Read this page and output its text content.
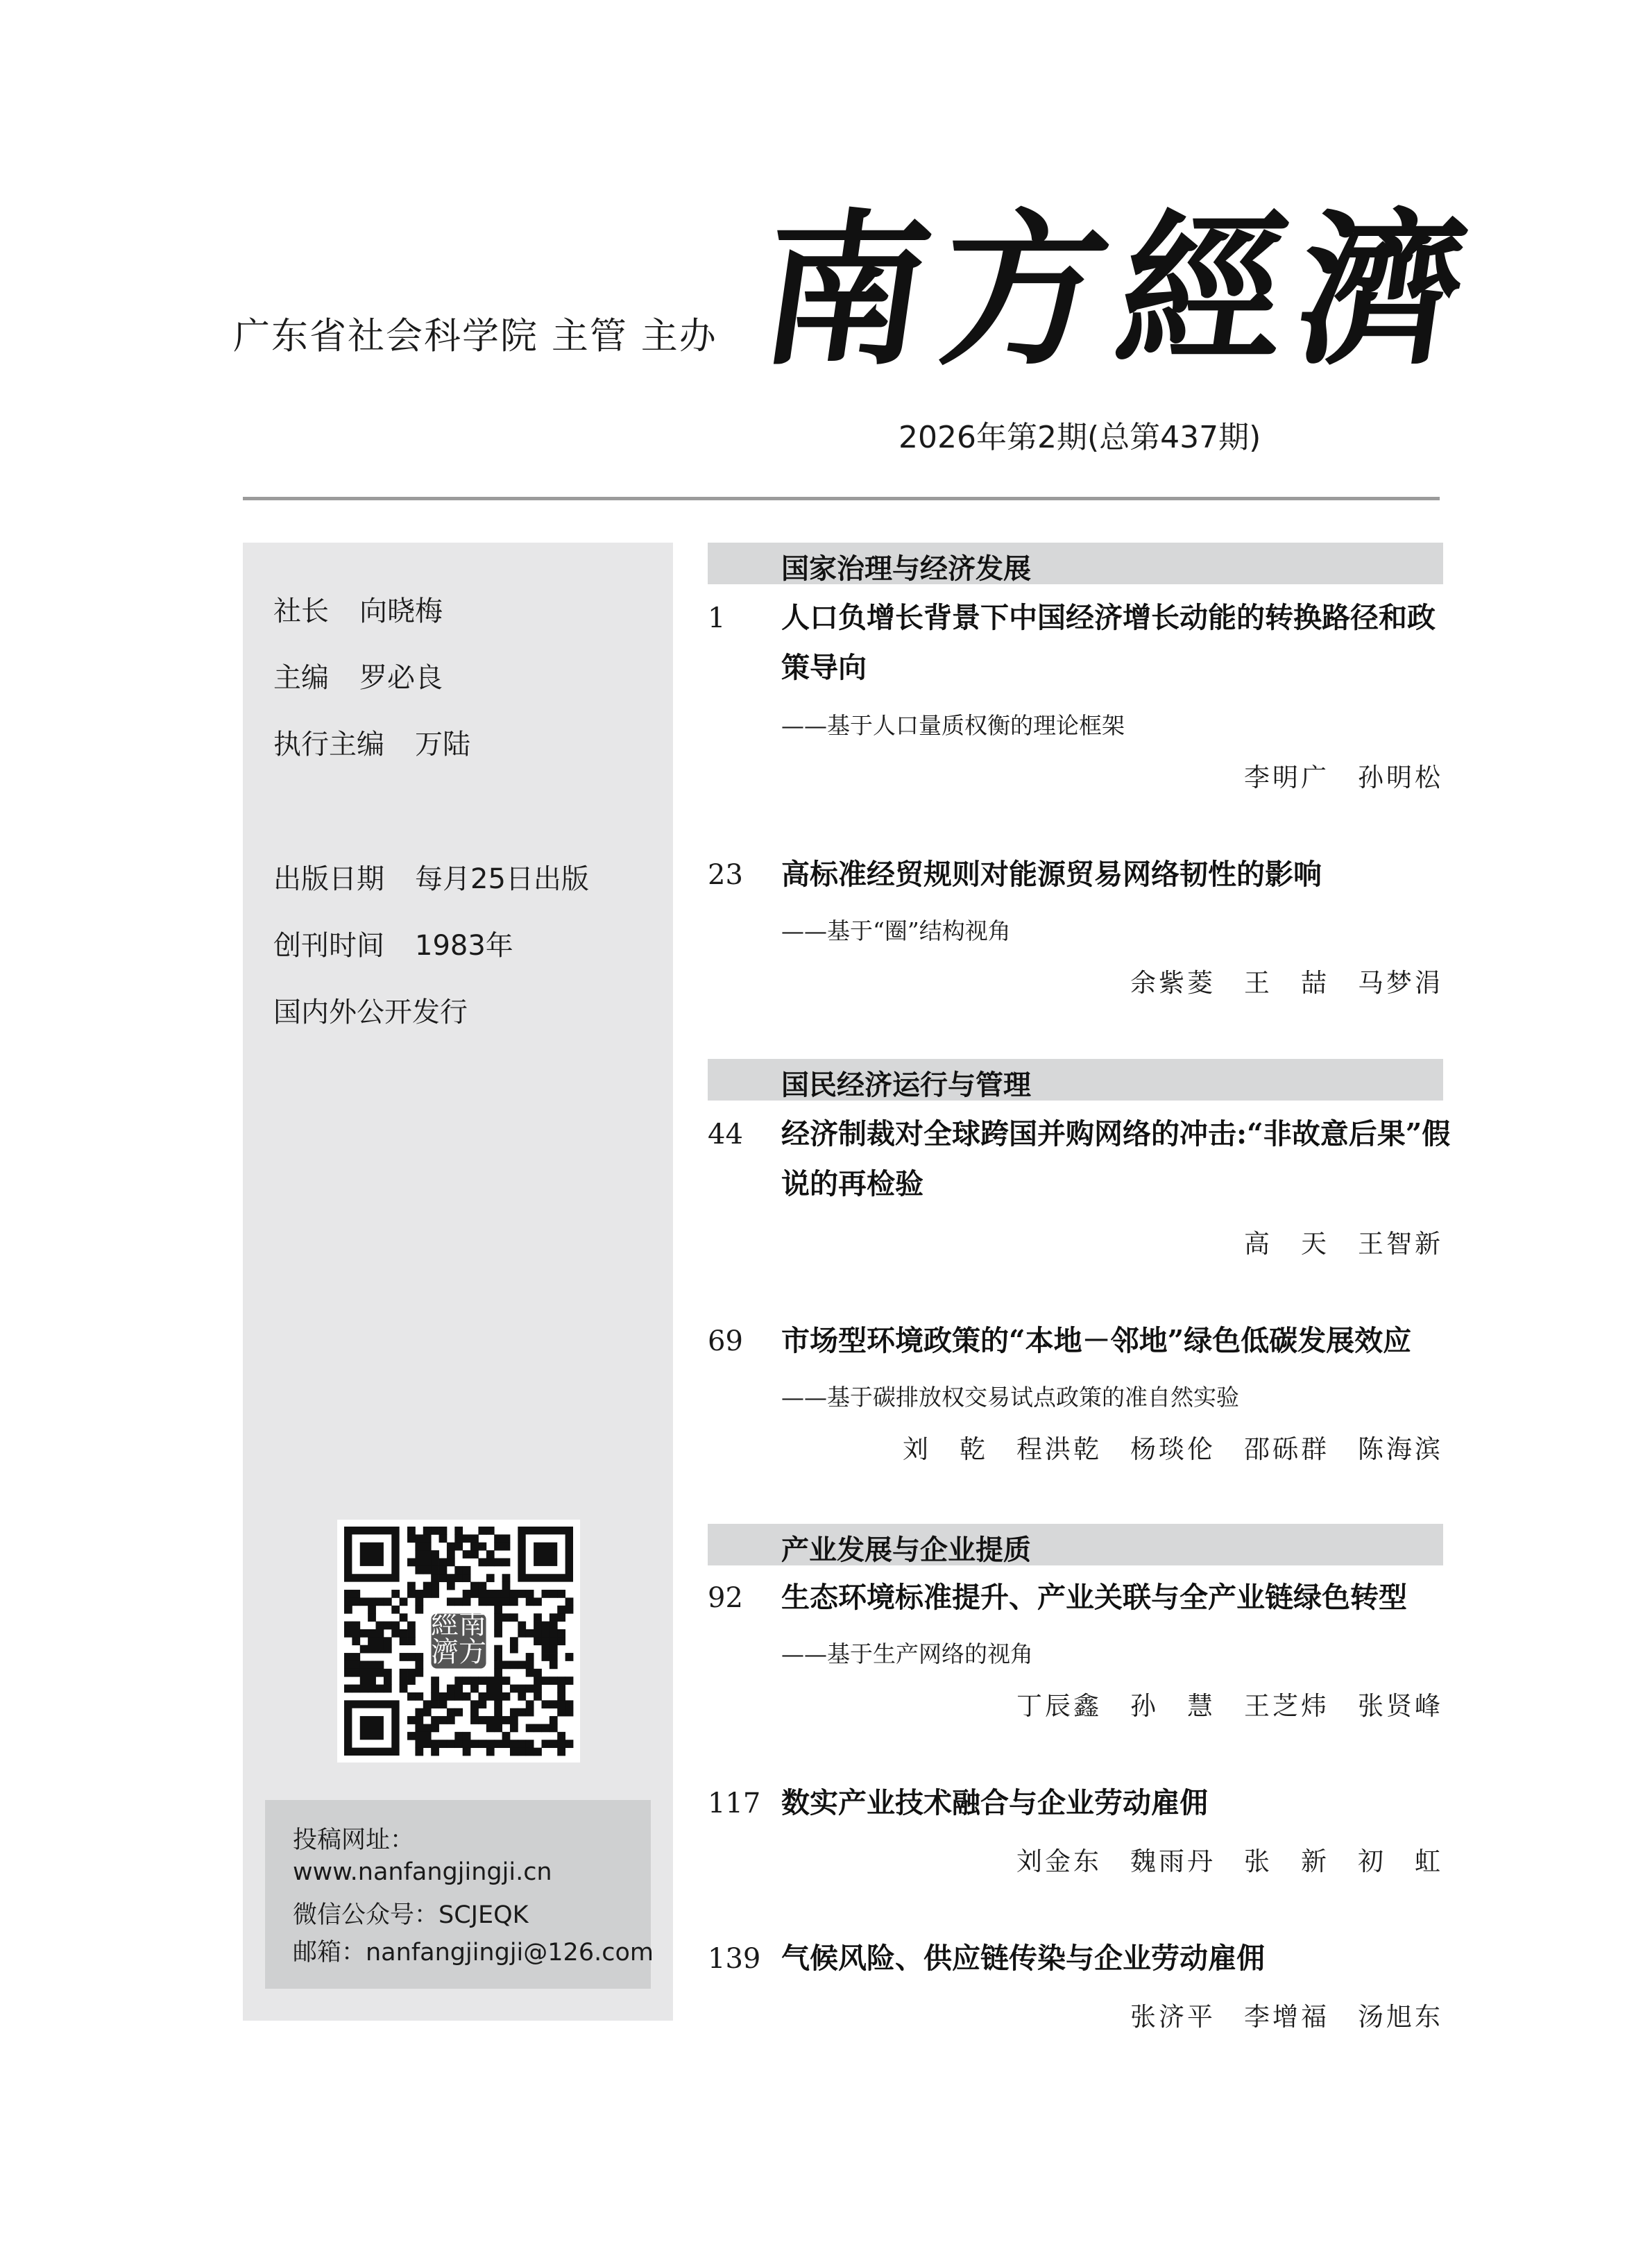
广东省社会科学院 主管 主办 南
方
經
濟
2026年第2期(总第437期)
社长 向晓梅
主编 罗必良
执行主编 万陆
出版日期 每月25日出版
创刊时间 1983年
国内外公开发行
經 南
濟 方
投稿网址：
www.nanfangjingji.cn
微信公众号：SCJEQK
邮箱：nanfangjingji@126.com
国家治理与经济发展
1 人口负增长背景下中国经济增长动能的转换路径和政策导向
——基于人口量质权衡的理论框架
李明广　孙明松
23 高标准经贸规则对能源贸易网络韧性的影响
——基于“圈”结构视角
余紫菱　王　喆　马梦涓
国民经济运行与管理
44 经济制裁对全球跨国并购网络的冲击:“非故意后果”假说的再检验
高　天　王智新
69 市场型环境政策的“本地－邻地”绿色低碳发展效应
——基于碳排放权交易试点政策的准自然实验
刘　乾　程洪乾　杨琰伦　邵砾群　陈海滨
产业发展与企业提质
92 生态环境标准提升、产业关联与全产业链绿色转型
——基于生产网络的视角
丁辰鑫　孙　慧　王芝炜　张贤峰
117 数实产业技术融合与企业劳动雇佣
刘金东　魏雨丹　张　新　初　虹
139 气候风险、供应链传染与企业劳动雇佣
张济平　李增福　汤旭东
